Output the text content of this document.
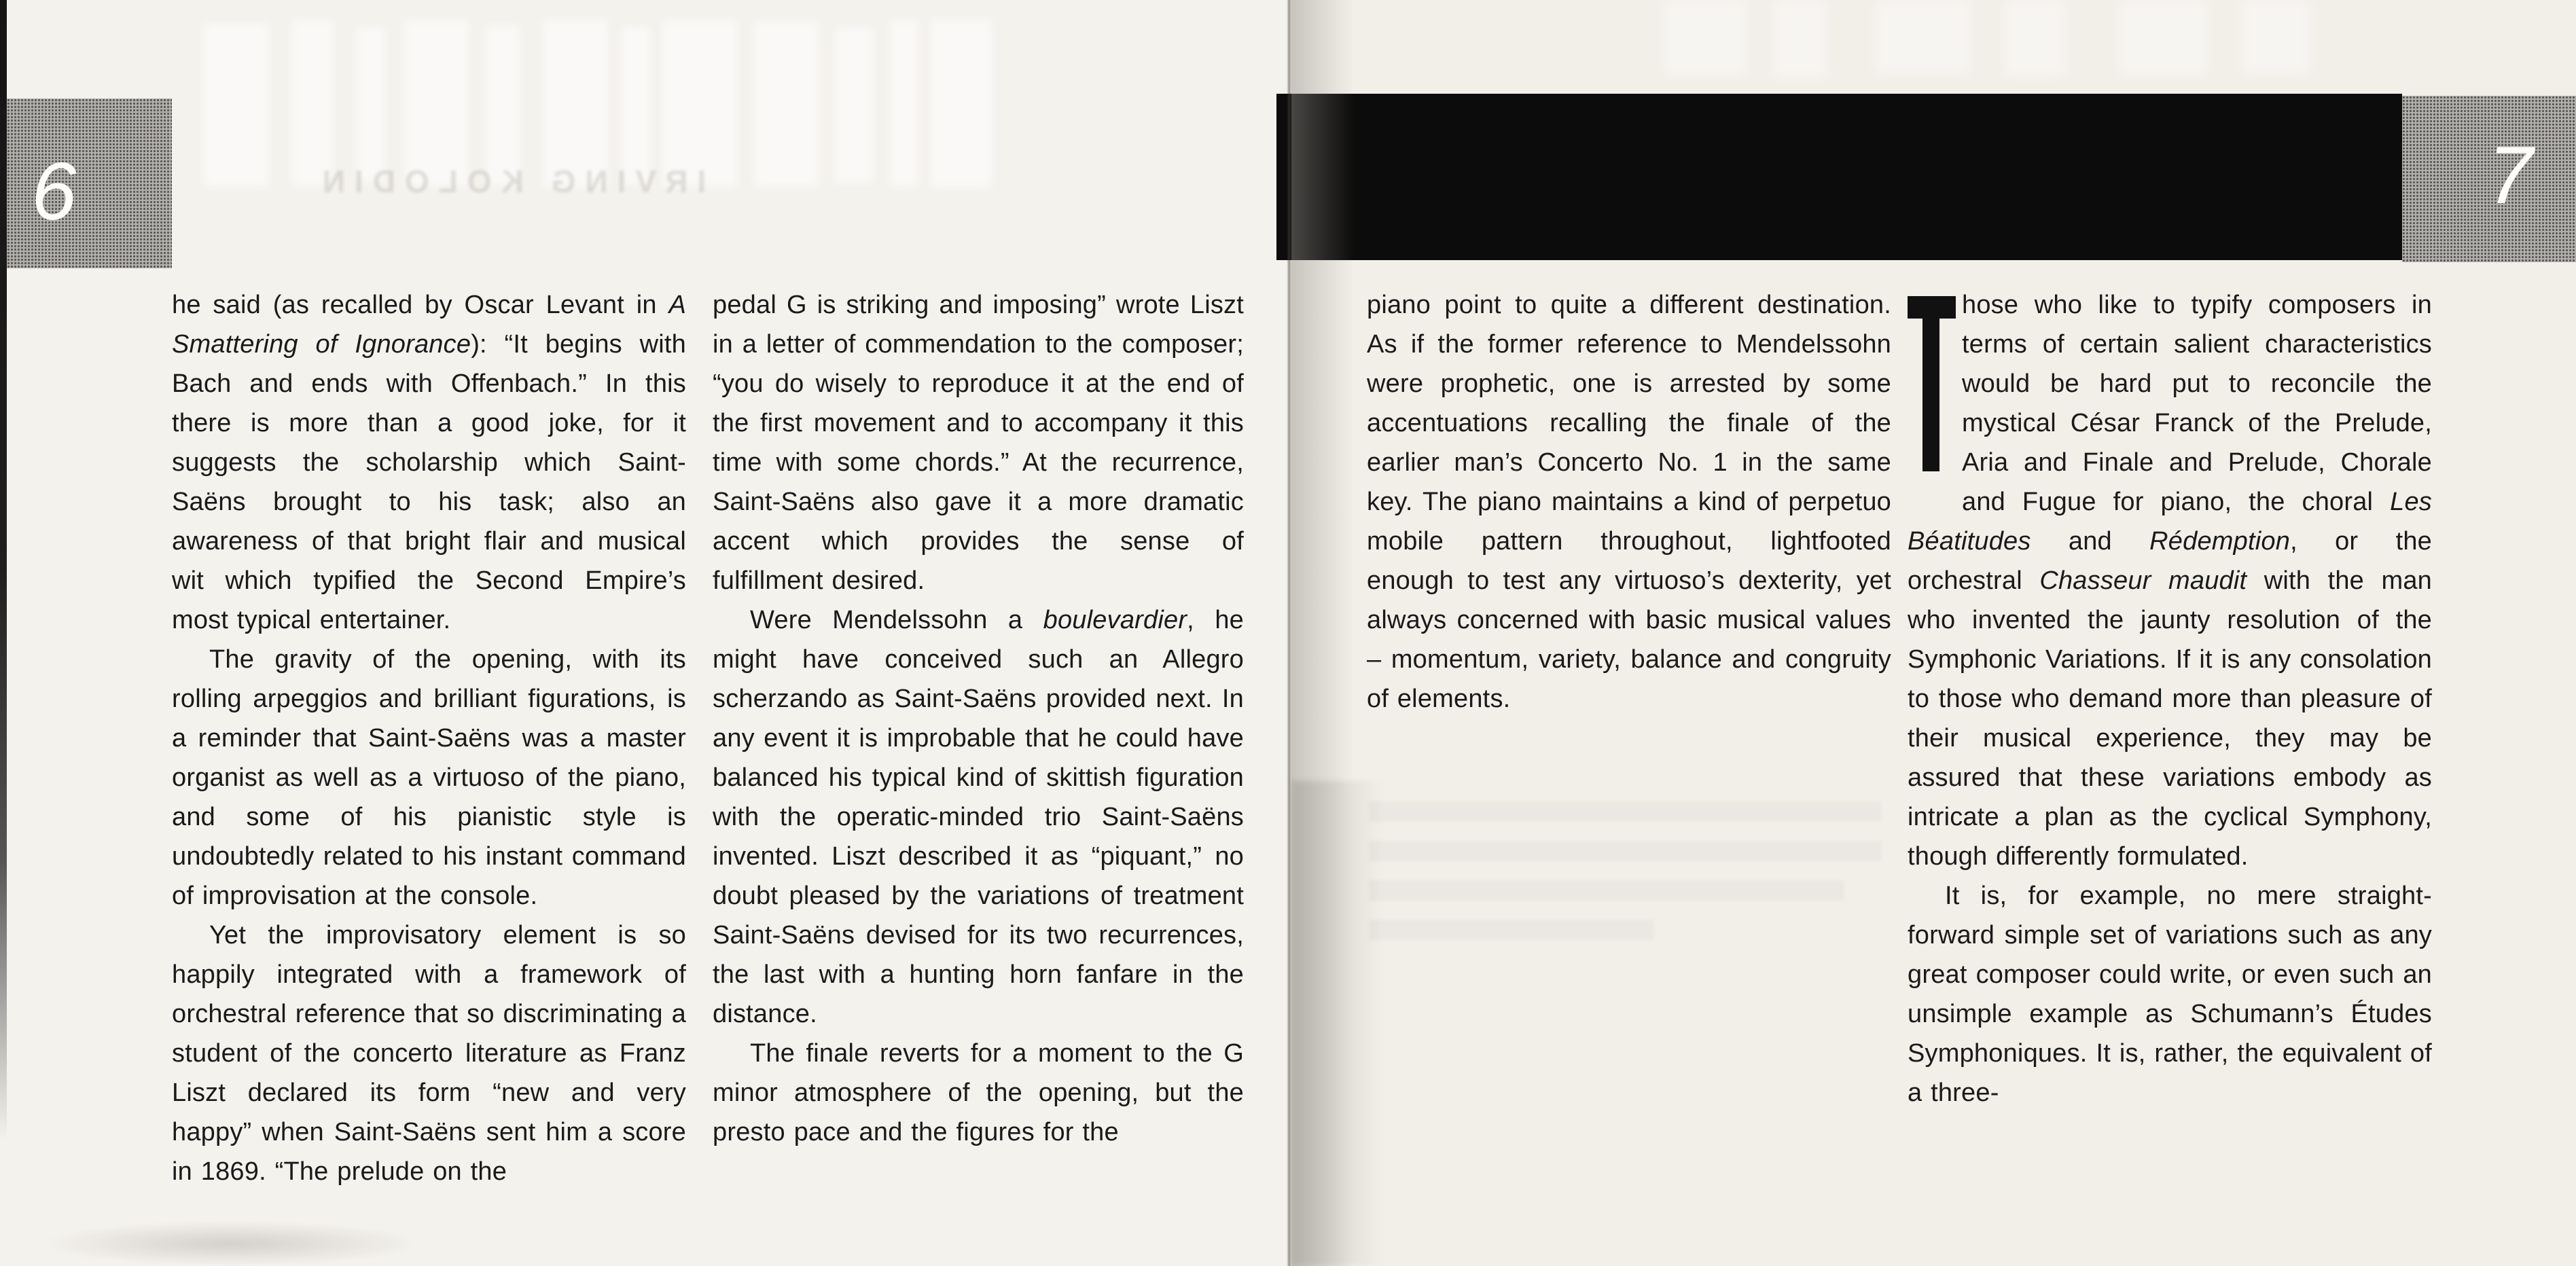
IRVING KOLODIN
6	7

he said (as recalled by Oscar Levant in A Smattering of Ignorance): “It begins with Bach and ends with Offenbach.” In this there is more than a good joke, for it suggests the scholarship which Saint-Saëns brought to his task; also an awareness of that bright flair and musical wit which typified the Second Empire’s most typical entertainer.

The gravity of the opening, with its rolling arpeggios and brilliant figurations, is a reminder that Saint-Saëns was a master organist as well as a virtuoso of the piano, and some of his pianistic style is undoubtedly related to his instant command of improvisation at the console.

Yet the improvisatory element is so happily integrated with a framework of orchestral reference that so discriminating a student of the concerto literature as Franz Liszt declared its form “new and very happy” when Saint-Saëns sent him a score in 1869. “The prelude on the

pedal G is striking and imposing” wrote Liszt in a letter of commendation to the composer; “you do wisely to reproduce it at the end of the first movement and to accompany it this time with some chords.” At the recurrence, Saint-Saëns also gave it a more dramatic accent which provides the sense of fulfillment desired.

Were Mendelssohn a boulevardier, he might have conceived such an Allegro scherzando as Saint-Saëns provided next. In any event it is improbable that he could have balanced his typical kind of skittish figuration with the operatic-minded trio Saint-Saëns invented. Liszt described it as “piquant,” no doubt pleased by the variations of treatment Saint-Saëns devised for its two recurrences, the last with a hunting horn fanfare in the distance.

The finale reverts for a moment to the G minor atmosphere of the opening, but the presto pace and the figures for the

piano point to quite a different destination. As if the former reference to Mendelssohn were prophetic, one is arrested by some accentuations recalling the finale of the earlier man’s Concerto No. 1 in the same key. The piano maintains a kind of perpetuo mobile pattern throughout, lightfooted enough to test any virtuoso’s dexterity, yet always concerned with basic musical values – momentum, variety, balance and congruity of elements.

hose who like to typify composers in terms of certain salient characteristics would be hard put to reconcile the mystical César Franck of the Prelude, Aria and Finale and Prelude, Chorale and Fugue for piano, the choral Les Béatitudes and Rédemption, or the orchestral Chasseur maudit with the man who invented the jaunty resolution of the Symphonic Variations. If it is any consolation to those who demand more than pleasure of their musical experience, they may be assured that these variations embody as intricate a plan as the cyclical Symphony, though differently formulated.

It is, for example, no mere straight-forward simple set of variations such as any great composer could write, or even such an unsimple example as Schumann’s Études Symphoniques. It is, rather, the equivalent of a three-
